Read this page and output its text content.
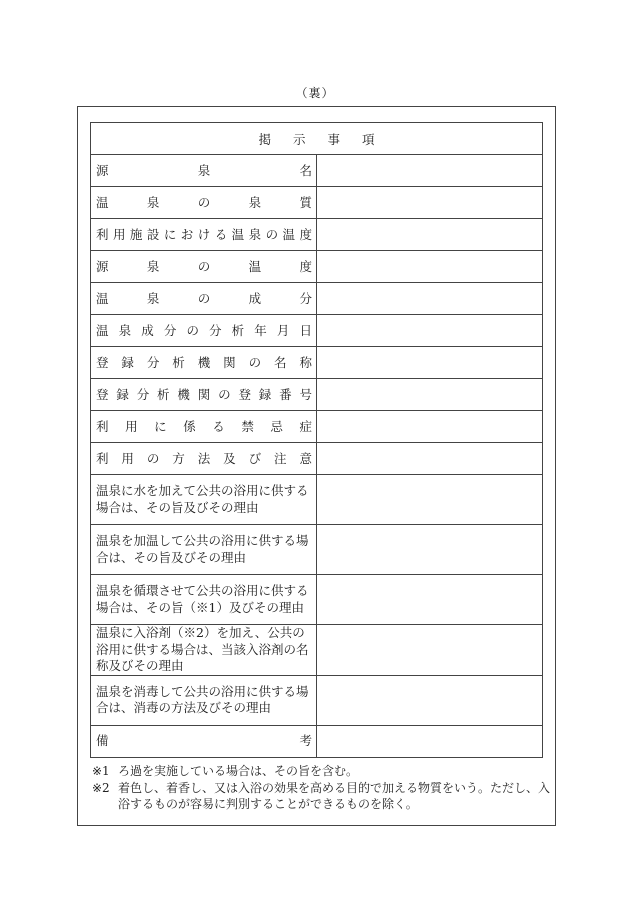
（裏）
掲示事項	
源泉名	
温泉の泉質	
利用施設における温泉の温度	
源泉の温度	
温泉の成分	
温泉成分の分析年月日	
登録分析機関の名称	
登録分析機関の登録番号	
利用に係る禁忌症	
利用の方法及び注意	
温泉に水を加えて公共の浴用に供する場合は、その旨及びその理由	
温泉を加温して公共の浴用に供する場合は、その旨及びその理由	
温泉を循環させて公共の浴用に供する場合は、その旨（※1）及びその理由	
温泉に入浴剤（※2）を加え、公共の浴用に供する場合は、当該入浴剤の名称及びその理由	
温泉を消毒して公共の浴用に供する場合は、消毒の方法及びその理由	
備考	
※1 ろ過を実施している場合は、その旨を含む。
※2 着色し、着香し、又は入浴の効果を高める目的で加える物質をいう。ただし、入浴するものが容易に判別することができるものを除く。
